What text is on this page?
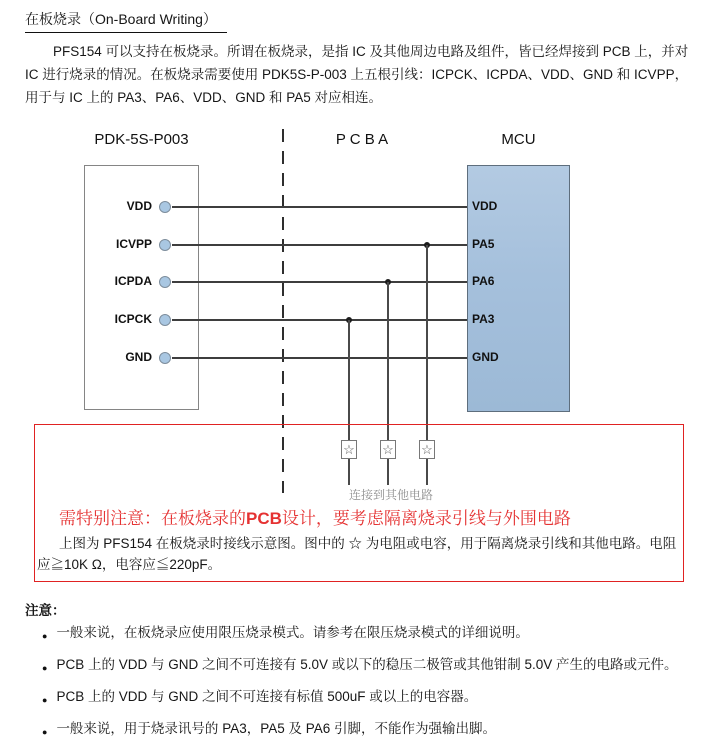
在板烧录（On-Board Writing）
PFS154 可以支持在板烧录。所谓在板烧录，是指 IC 及其他周边电路及组件，皆已经焊接到 PCB 上，并对
IC 进行烧录的情况。在板烧录需要使用 PDK5S-P-003 上五根引线：ICPCK、ICPDA、VDD、GND 和 ICVPP，
用于与 IC 上的 PA3、PA6、VDD、GND 和 PA5 对应相连。
PDK-5S-P003	P C B A	MCU
VDD	VDD
ICVPP	PA5
ICPDA	PA6
ICPCK	PA3
GND	GND
☆ ☆ ☆
连接到其他电路
需特别注意：在板烧录的PCB设计，要考虑隔离烧录引线与外围电路
上图为 PFS154 在板烧录时接线示意图。图中的 ☆ 为电阻或电容，用于隔离烧录引线和其他电路。电阻
应≧10K Ω，电容应≦220pF。
注意：
● 一般来说，在板烧录应使用限压烧录模式。请参考在限压烧录模式的详细说明。
● PCB 上的 VDD 与 GND 之间不可连接有 5.0V 或以下的稳压二极管或其他钳制 5.0V 产生的电路或元件。
● PCB 上的 VDD 与 GND 之间不可连接有标值 500uF 或以上的电容器。
● 一般来说，用于烧录讯号的 PA3，PA5 及 PA6 引脚，不能作为强输出脚。
